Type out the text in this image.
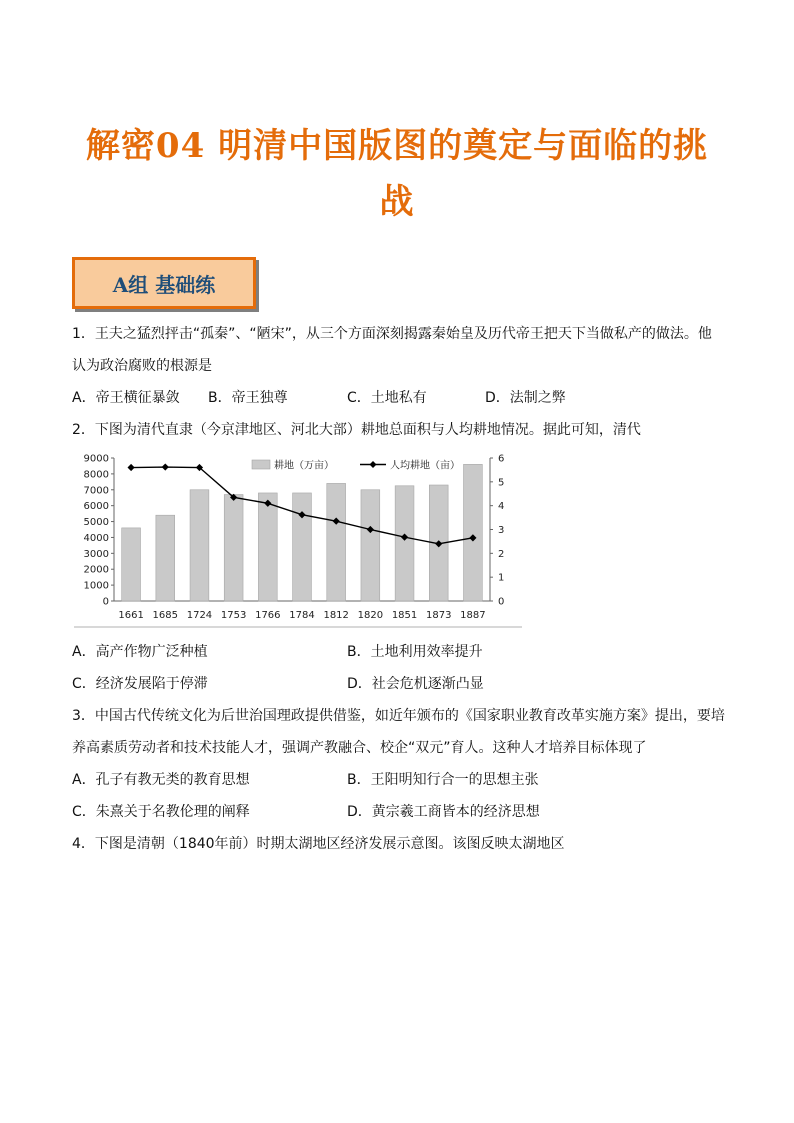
解密04 明清中国版图的奠定与面临的挑
战
A组 基础练
1．王夫之猛烈抨击“孤秦”、“陋宋”，从三个方面深刻揭露秦始皇及历代帝王把天下当做私产的做法。他
认为政治腐败的根源是
A．帝王横征暴敛 B．帝王独尊	C．土地私有	D．法制之弊
2．下图为清代直隶（今京津地区、河北大部）耕地总面积与人均耕地情况。据此可知，清代
0
1000
2000
3000
4000
5000
6000
7000
8000
9000
0
1
2
3
4
5
6
1661 1685 1724 1753 1766 1784 1812 1820 1851 1873 1887
耕地（万亩）	人均耕地（亩）
A．高产作物广泛种植	B．土地利用效率提升
C．经济发展陷于停滞	D．社会危机逐渐凸显
3．中国古代传统文化为后世治国理政提供借鉴，如近年颁布的《国家职业教育改革实施方案》提出，要培
养高素质劳动者和技术技能人才，强调产教融合、校企“双元”育人。这种人才培养目标体现了
A．孔子有教无类的教育思想	B．王阳明知行合一的思想主张
C．朱熹关于名教伦理的阐释	D．黄宗羲工商皆本的经济思想
4．下图是清朝（1840年前）时期太湖地区经济发展示意图。该图反映太湖地区
